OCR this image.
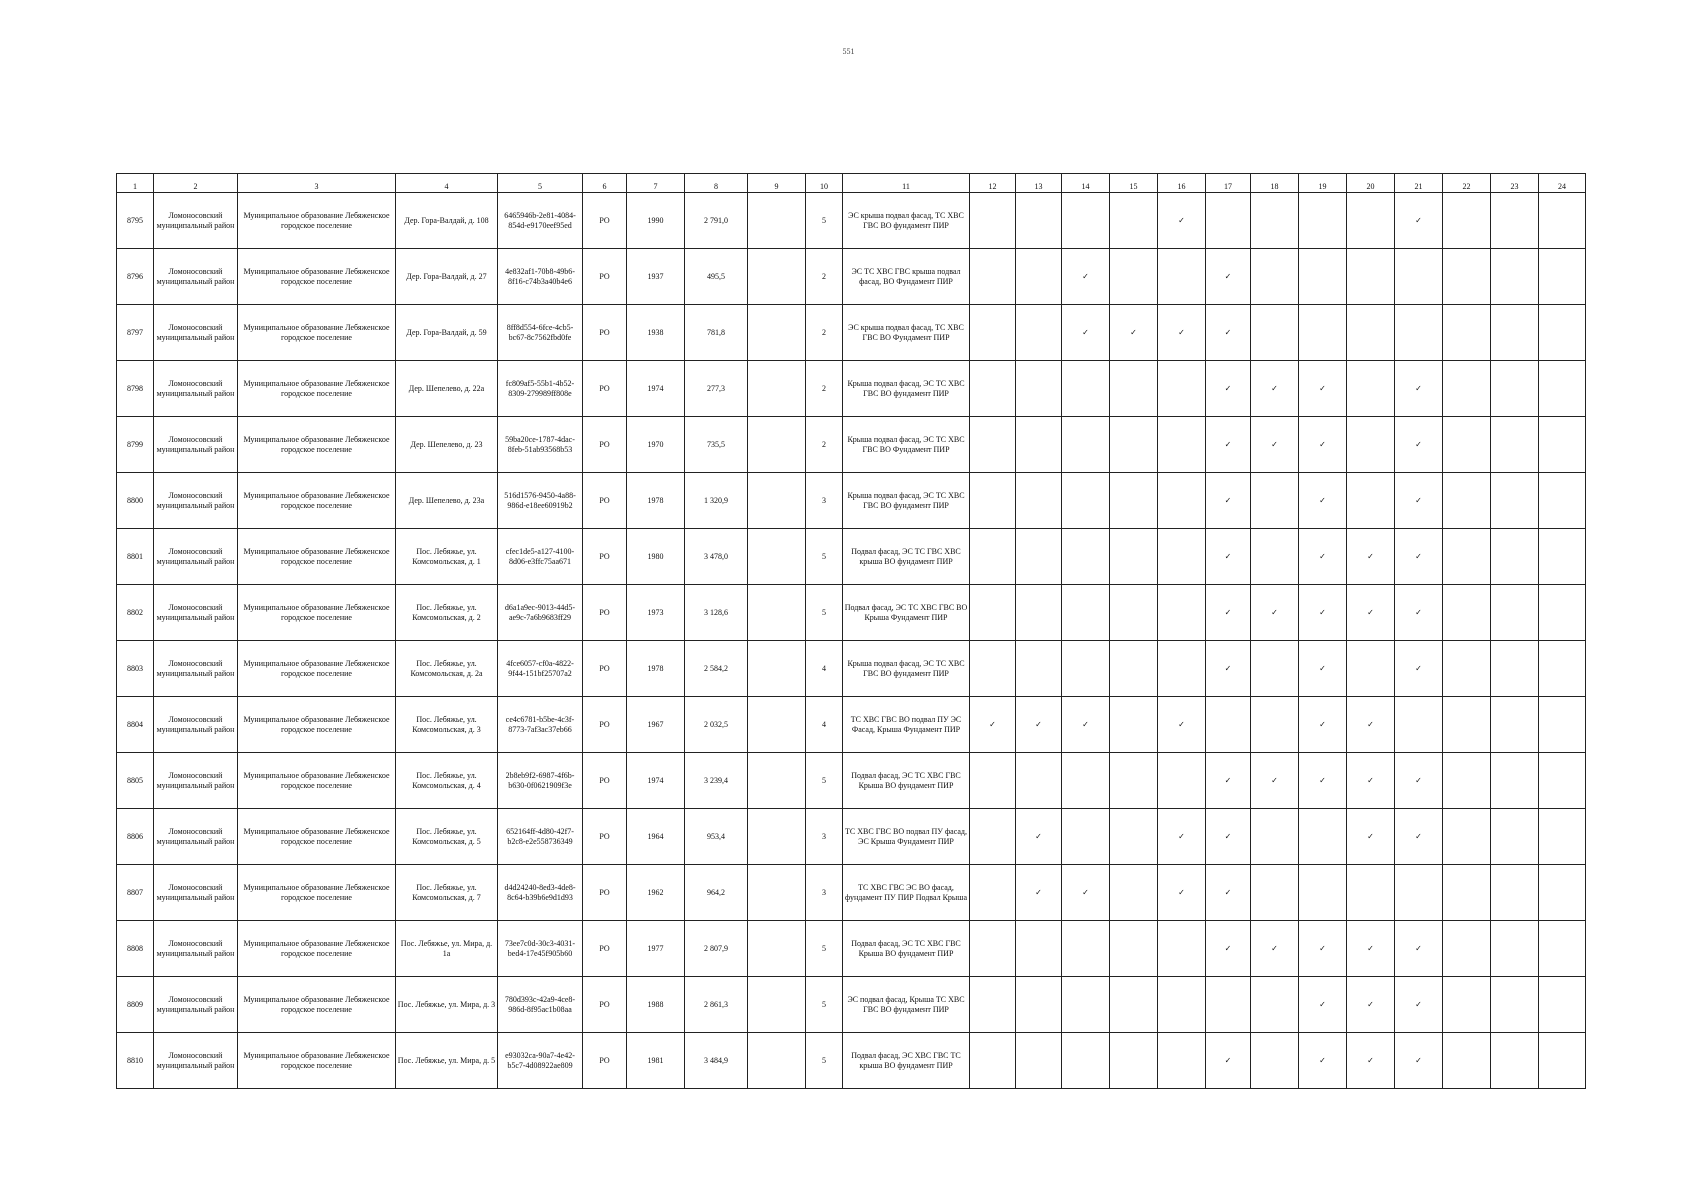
551
1	2	3	4	5	6	7	8	9	10	11	12	13	14	15	16	17	18	19	20	21	22	23	24
8795	Ломоносовский муниципальный район	Муниципальное образование Лебяженское городское поселение	Дер. Гора-Валдай, д. 108	6465946b-2e81-4084-854d-e9170eef95ed	РО	1990	2 791,0		5	ЭС крыша подвал фасад, ТС ХВС ГВС ВО фундамент ПИР					✓					✓			
8796	Ломоносовский муниципальный район	Муниципальное образование Лебяженское городское поселение	Дер. Гора-Валдай, д. 27	4e832af1-70b8-49b6-8f16-c74b3a40b4e6	РО	1937	495,5		2	ЭС ТС ХВС ГВС крыша подвал фасад, ВО Фундамент ПИР			✓			✓							
8797	Ломоносовский муниципальный район	Муниципальное образование Лебяженское городское поселение	Дер. Гора-Валдай, д. 59	8ff8d554-6fce-4cb5-bc67-8c7562fbd0fe	РО	1938	781,8		2	ЭС крыша подвал фасад, ТС ХВС ГВС ВО Фундамент ПИР			✓	✓	✓	✓							
8798	Ломоносовский муниципальный район	Муниципальное образование Лебяженское городское поселение	Дер. Шепелево, д. 22а	fc809af5-55b1-4b52-8309-279989ff808e	РО	1974	277,3		2	Крыша подвал фасад, ЭС ТС ХВС ГВС ВО фундамент ПИР						✓	✓	✓		✓			
8799	Ломоносовский муниципальный район	Муниципальное образование Лебяженское городское поселение	Дер. Шепелево, д. 23	59ba20ce-1787-4dac-8feb-51ab93568b53	РО	1970	735,5		2	Крыша подвал фасад, ЭС ТС ХВС ГВС ВО Фундамент ПИР						✓	✓	✓		✓			
8800	Ломоносовский муниципальный район	Муниципальное образование Лебяженское городское поселение	Дер. Шепелево, д. 23а	516d1576-9450-4a88-986d-e18ee60919b2	РО	1978	1 320,9		3	Крыша подвал фасад, ЭС ТС ХВС ГВС ВО фундамент ПИР						✓		✓		✓			
8801	Ломоносовский муниципальный район	Муниципальное образование Лебяженское городское поселение	Пос. Лебяжье, ул. Комсомольская, д. 1	cfec1de5-a127-4100-8d06-e3ffc75aa671	РО	1980	3 478,0		5	Подвал фасад, ЭС ТС ГВС ХВС крыша ВО фундамент ПИР						✓		✓	✓	✓			
8802	Ломоносовский муниципальный район	Муниципальное образование Лебяженское городское поселение	Пос. Лебяжье, ул. Комсомольская, д. 2	d6a1a9ec-9013-44d5-ae9c-7a6b9683ff29	РО	1973	3 128,6		5	Подвал фасад, ЭС ТС ХВС ГВС ВО Крыша Фундамент ПИР						✓	✓	✓	✓	✓			
8803	Ломоносовский муниципальный район	Муниципальное образование Лебяженское городское поселение	Пос. Лебяжье, ул. Комсомольская, д. 2а	4fce6057-cf0a-4822-9f44-151bf25707a2	РО	1978	2 584,2		4	Крыша подвал фасад, ЭС ТС ХВС ГВС ВО фундамент ПИР						✓		✓		✓			
8804	Ломоносовский муниципальный район	Муниципальное образование Лебяженское городское поселение	Пос. Лебяжье, ул. Комсомольская, д. 3	ce4c6781-b5be-4c3f-8773-7af3ac37eb66	РО	1967	2 032,5		4	ТС ХВС ГВС ВО подвал ПУ ЭС Фасад, Крыша Фундамент ПИР	✓	✓	✓		✓			✓	✓				
8805	Ломоносовский муниципальный район	Муниципальное образование Лебяженское городское поселение	Пос. Лебяжье, ул. Комсомольская, д. 4	2b8eb9f2-6987-4f6b-b630-0f0621909f3e	РО	1974	3 239,4		5	Подвал фасад, ЭС ТС ХВС ГВС Крыша ВО фундамент ПИР						✓	✓	✓	✓	✓			
8806	Ломоносовский муниципальный район	Муниципальное образование Лебяженское городское поселение	Пос. Лебяжье, ул. Комсомольская, д. 5	652164ff-4d80-42f7-b2c8-e2e558736349	РО	1964	953,4		3	ТС ХВС ГВС ВО подвал ПУ фасад, ЭС Крыша Фундамент ПИР		✓			✓	✓			✓	✓			
8807	Ломоносовский муниципальный район	Муниципальное образование Лебяженское городское поселение	Пос. Лебяжье, ул. Комсомольская, д. 7	d4d24240-8ed3-4de8-8c64-b39b6e9d1d93	РО	1962	964,2		3	ТС ХВС ГВС ЭС ВО фасад, фундамент ПУ ПИР Подвал Крыша		✓	✓		✓	✓							
8808	Ломоносовский муниципальный район	Муниципальное образование Лебяженское городское поселение	Пос. Лебяжье, ул. Мира, д. 1а	73ee7c0d-30c3-4031-bed4-17e45f905b60	РО	1977	2 807,9		5	Подвал фасад, ЭС ТС ХВС ГВС Крыша ВО фундамент ПИР						✓	✓	✓	✓	✓			
8809	Ломоносовский муниципальный район	Муниципальное образование Лебяженское городское поселение	Пос. Лебяжье, ул. Мира, д. 3	780d393c-42a9-4ce8-986d-8f95ac1b08aa	РО	1988	2 861,3		5	ЭС подвал фасад, Крыша ТС ХВС ГВС ВО фундамент ПИР								✓	✓	✓			
8810	Ломоносовский муниципальный район	Муниципальное образование Лебяженское городское поселение	Пос. Лебяжье, ул. Мира, д. 5	e93032ca-90a7-4e42-b5c7-4d08922ae809	РО	1981	3 484,9		5	Подвал фасад, ЭС ХВС ГВС ТС крыша ВО фундамент ПИР						✓		✓	✓	✓			
